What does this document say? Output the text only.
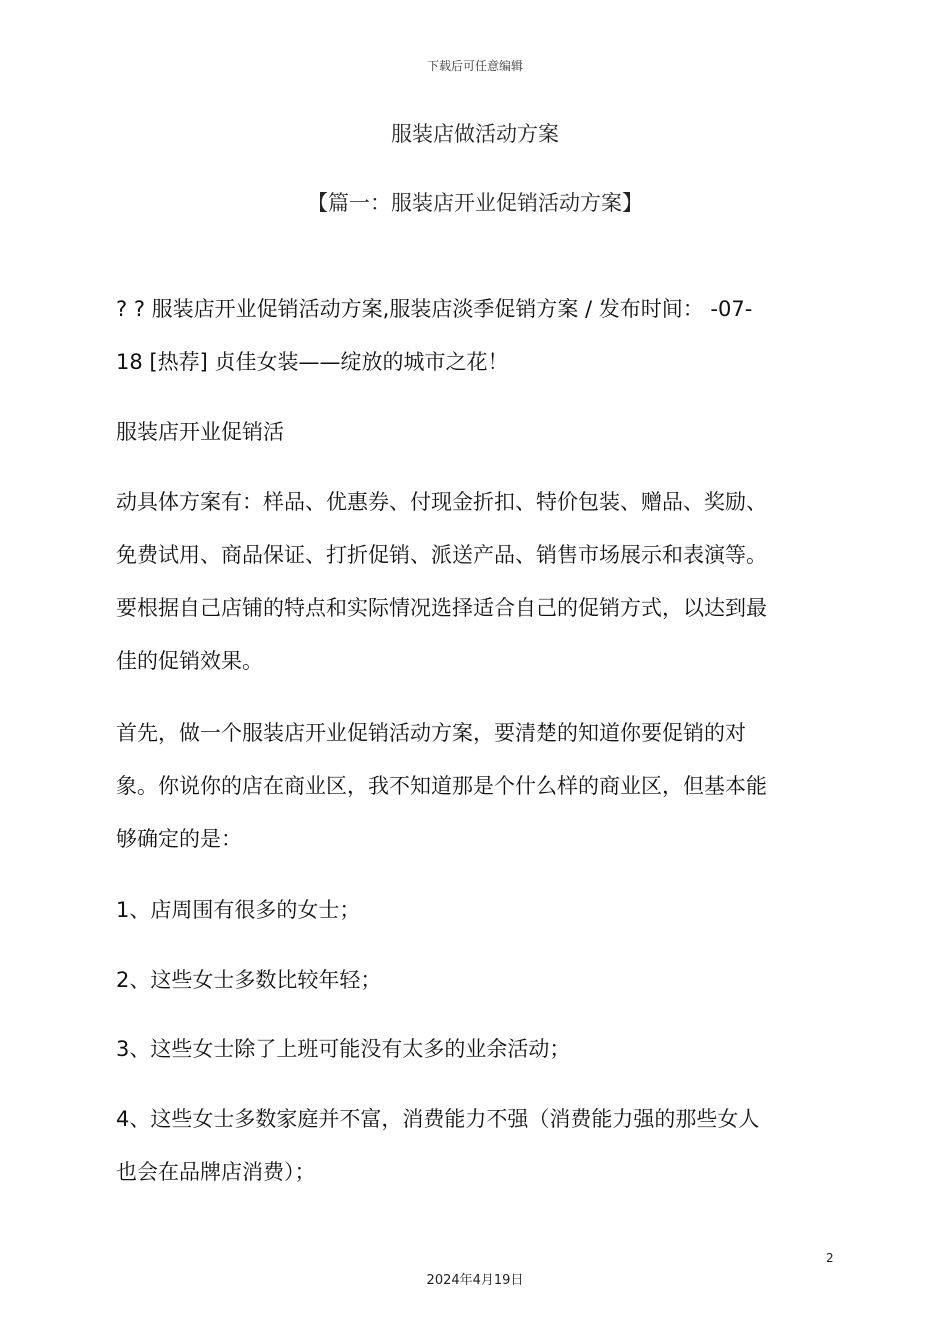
下载后可任意编辑
服装店做活动方案
【篇一：服装店开业促销活动方案】
? ? 服装店开业促销活动方案,服装店淡季促销方案 / 发布时间： -07-
18 [热荐] 贞佳女装——绽放的城市之花！
服装店开业促销活
动具体方案有：样品、优惠券、付现金折扣、特价包装、赠品、奖励、
免费试用、商品保证、打折促销、派送产品、销售市场展示和表演等。
要根据自己店铺的特点和实际情况选择适合自己的促销方式，以达到最
佳的促销效果。
首先，做一个服装店开业促销活动方案，要清楚的知道你要促销的对
象。你说你的店在商业区，我不知道那是个什么样的商业区，但基本能
够确定的是：
1、店周围有很多的女士；
2、这些女士多数比较年轻；
3、这些女士除了上班可能没有太多的业余活动；
4、这些女士多数家庭并不富，消费能力不强（消费能力强的那些女人
也会在品牌店消费）；
2
2024年4月19日
